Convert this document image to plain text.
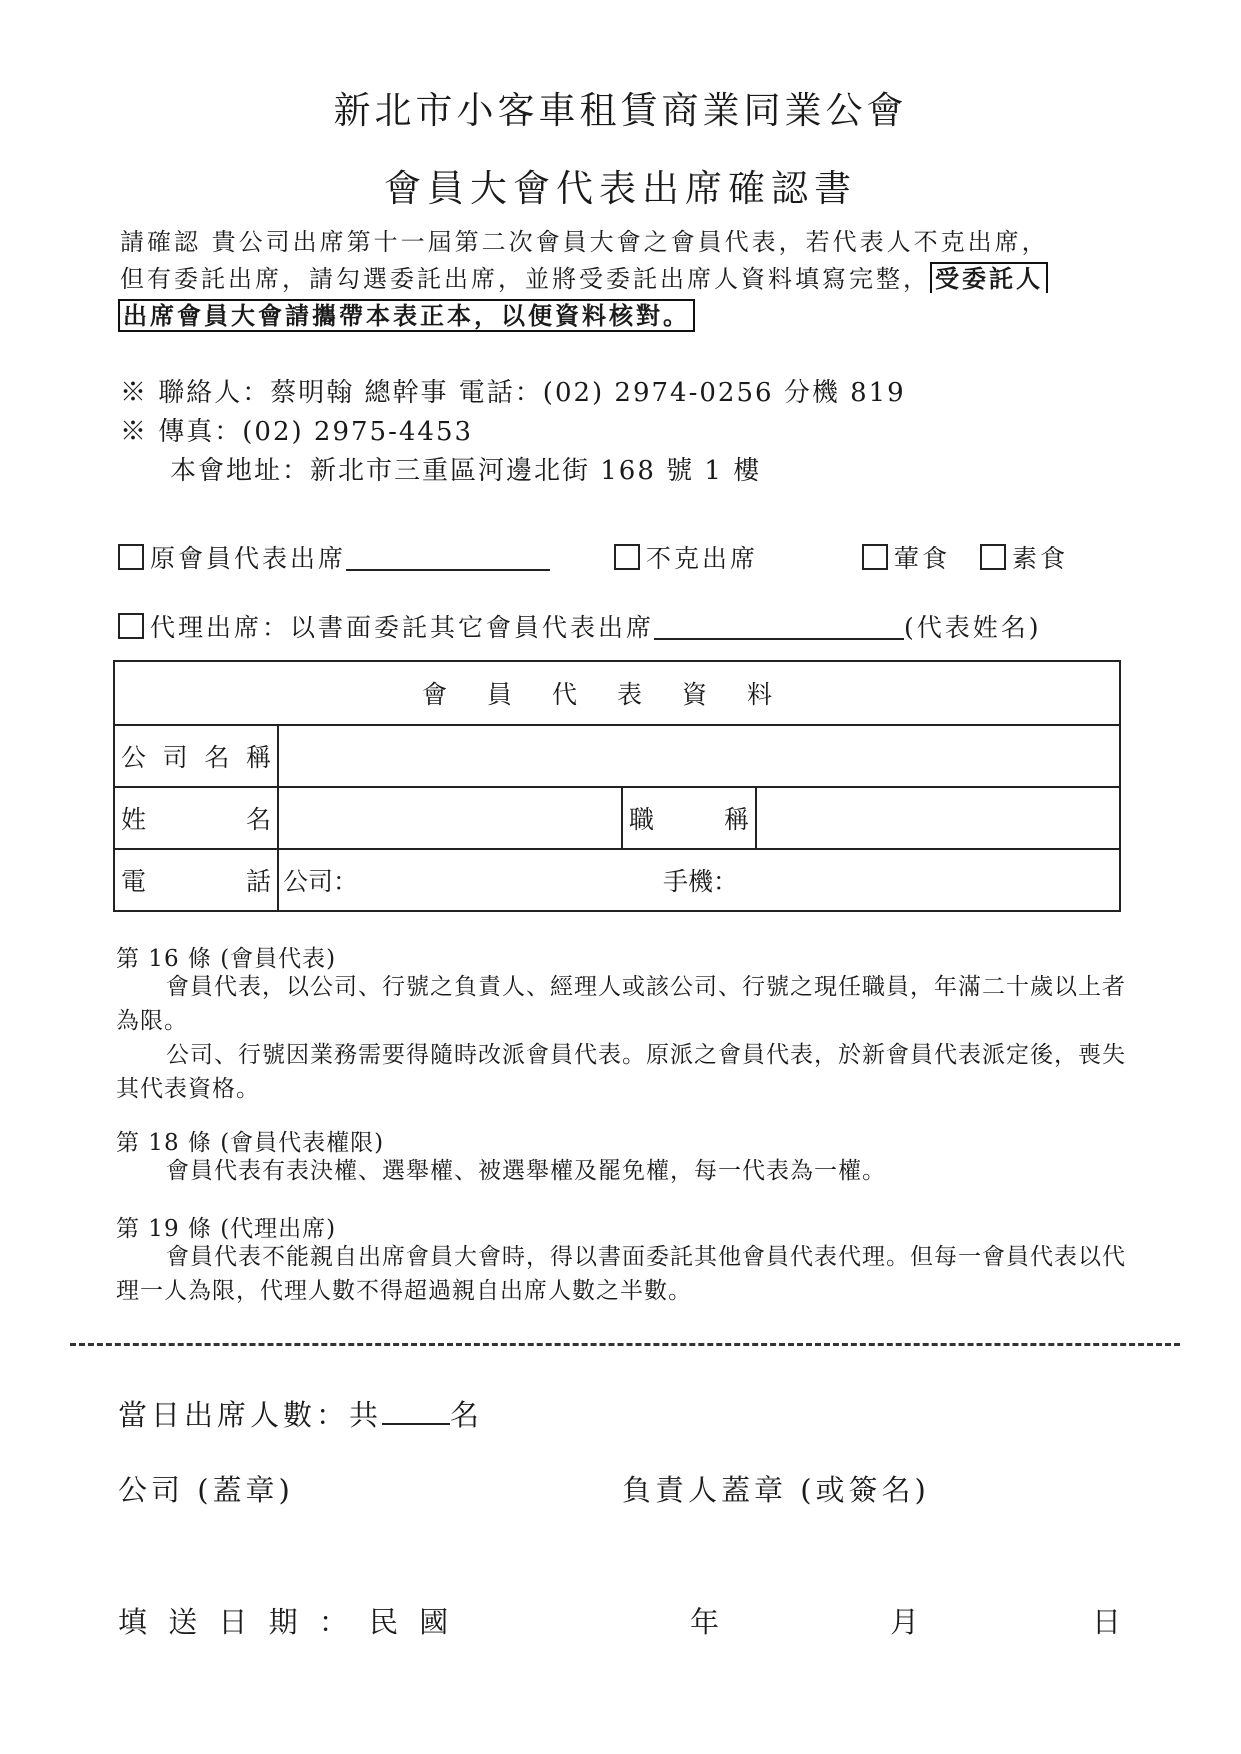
新北市小客車租賃商業同業公會
會員大會代表出席確認書
請確認 貴公司出席第十一屆第二次會員大會之會員代表，若代表人不克出席，
但有委託出席，請勾選委託出席，並將受委託出席人資料填寫完整， 受委託人
出席會員大會請攜帶本表正本，以便資料核對。
※ 聯絡人：蔡明翰 總幹事 電話：(02) 2974-0256 分機 819
※ 傳真：(02) 2975-4453
本會地址：新北市三重區河邊北街 168 號 1 樓
原會員代表出席	不克出席	葷食 素食
代理出席：以書面委託其它會員代表出席	(代表姓名)
會員代表資料			
公司名稱			
姓名		職稱	
電話	公司： 手機：		
第 16 條 (會員代表)
會員代表，以公司、行號之負責人、經理人或該公司、行號之現任職員，年滿二十歲以上者為限。
公司、行號因業務需要得隨時改派會員代表。原派之會員代表，於新會員代表派定後，喪失其代表資格。
第 18 條 (會員代表權限)
會員代表有表決權、選舉權、被選舉權及罷免權，每一代表為一權。
第 19 條 (代理出席)
會員代表不能親自出席會員大會時，得以書面委託其他會員代表代理。但每一會員代表以代理一人為限，代理人數不得超過親自出席人數之半數。
當日出席人數：共 名
公司 (蓋章)	負責人蓋章 (或簽名)
填 送 日 期 ： 民 國	年	月	日
